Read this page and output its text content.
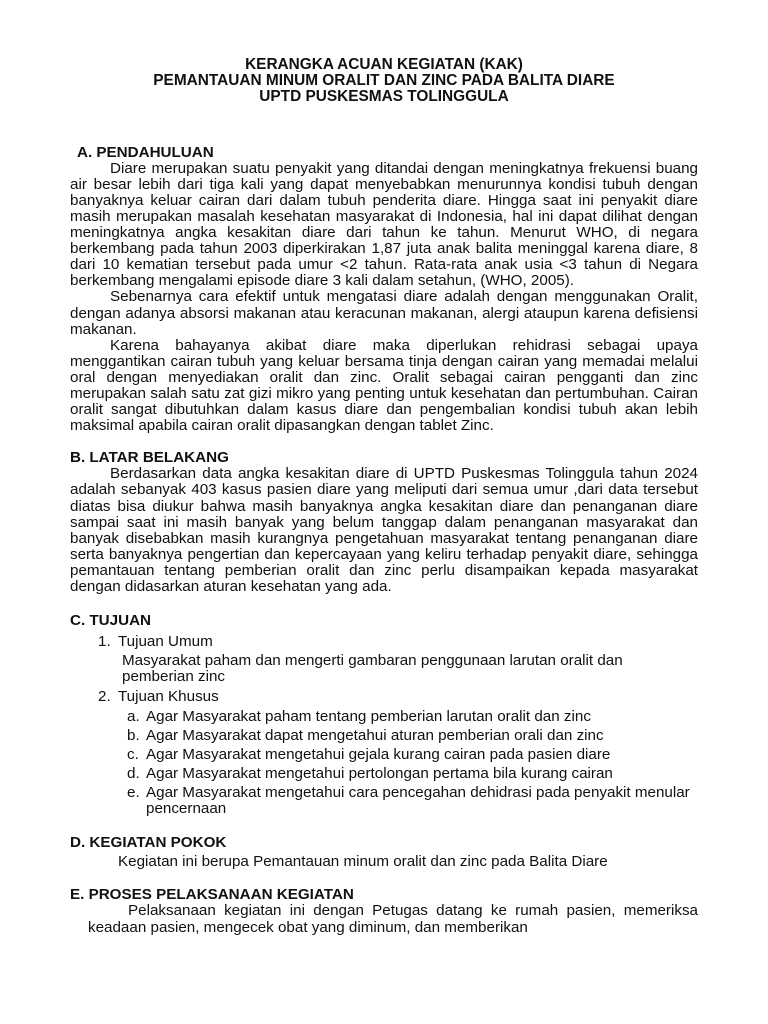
KERANGKA ACUAN KEGIATAN (KAK)

PEMANTAUAN MINUM ORALIT DAN ZINC PADA BALITA DIARE

UPTD PUSKESMAS TOLINGGULA

A. PENDAHULUAN

Diare merupakan suatu penyakit yang ditandai dengan meningkatnya frekuensi buang air besar lebih dari tiga kali yang dapat menyebabkan menurunnya kondisi tubuh dengan banyaknya keluar cairan dari dalam tubuh penderita diare. Hingga saat ini penyakit diare masih merupakan masalah kesehatan masyarakat di Indonesia, hal ini dapat dilihat dengan meningkatnya angka kesakitan diare dari tahun ke tahun. Menurut WHO, di negara berkembang pada tahun 2003 diperkirakan 1,87 juta anak balita meninggal karena diare, 8 dari 10 kematian tersebut pada umur <2 tahun. Rata-rata anak usia <3 tahun di Negara berkembang mengalami episode diare 3 kali dalam setahun, (WHO, 2005).

Sebenarnya cara efektif untuk mengatasi diare adalah dengan menggunakan Oralit, dengan adanya absorsi makanan atau keracunan makanan, alergi ataupun karena defisiensi makanan.

Karena bahayanya akibat diare maka diperlukan rehidrasi sebagai upaya menggantikan cairan tubuh yang keluar bersama tinja dengan cairan yang memadai melalui oral dengan menyediakan oralit dan zinc. Oralit sebagai cairan pengganti dan zinc merupakan salah satu zat gizi mikro yang penting untuk kesehatan dan pertumbuhan. Cairan oralit sangat dibutuhkan dalam kasus diare dan pengembalian kondisi tubuh akan lebih maksimal apabila cairan oralit dipasangkan dengan tablet Zinc.

B. LATAR BELAKANG

Berdasarkan data angka kesakitan diare di UPTD Puskesmas Tolinggula tahun 2024 adalah sebanyak 403 kasus pasien diare yang meliputi dari semua umur ,dari data tersebut diatas bisa diukur bahwa masih banyaknya angka kesakitan diare dan penanganan diare sampai saat ini masih banyak yang belum tanggap dalam penanganan masyarakat dan banyak disebabkan masih kurangnya pengetahuan masyarakat tentang penanganan diare serta banyaknya pengertian dan kepercayaan yang keliru terhadap penyakit diare, sehingga pemantauan tentang pemberian oralit dan zinc perlu disampaikan kepada masyarakat dengan didasarkan aturan kesehatan yang ada.

C. TUJUAN

1. Tujuan Umum

Masyarakat paham dan mengerti gambaran penggunaan larutan oralit dan pemberian zinc

2. Tujuan Khusus

a. Agar Masyarakat paham tentang pemberian larutan oralit dan zinc
b. Agar Masyarakat dapat mengetahui aturan pemberian orali dan zinc
c. Agar Masyarakat mengetahui gejala kurang cairan pada pasien diare
d. Agar Masyarakat mengetahui pertolongan pertama bila kurang cairan
e. Agar Masyarakat mengetahui cara pencegahan dehidrasi pada penyakit menular pencernaan

D. KEGIATAN POKOK

Kegiatan ini berupa Pemantauan minum oralit dan zinc pada Balita Diare

E. PROSES PELAKSANAAN KEGIATAN

Pelaksanaan kegiatan ini dengan Petugas datang ke rumah pasien, memeriksa keadaan pasien, mengecek obat yang diminum, dan memberikan
